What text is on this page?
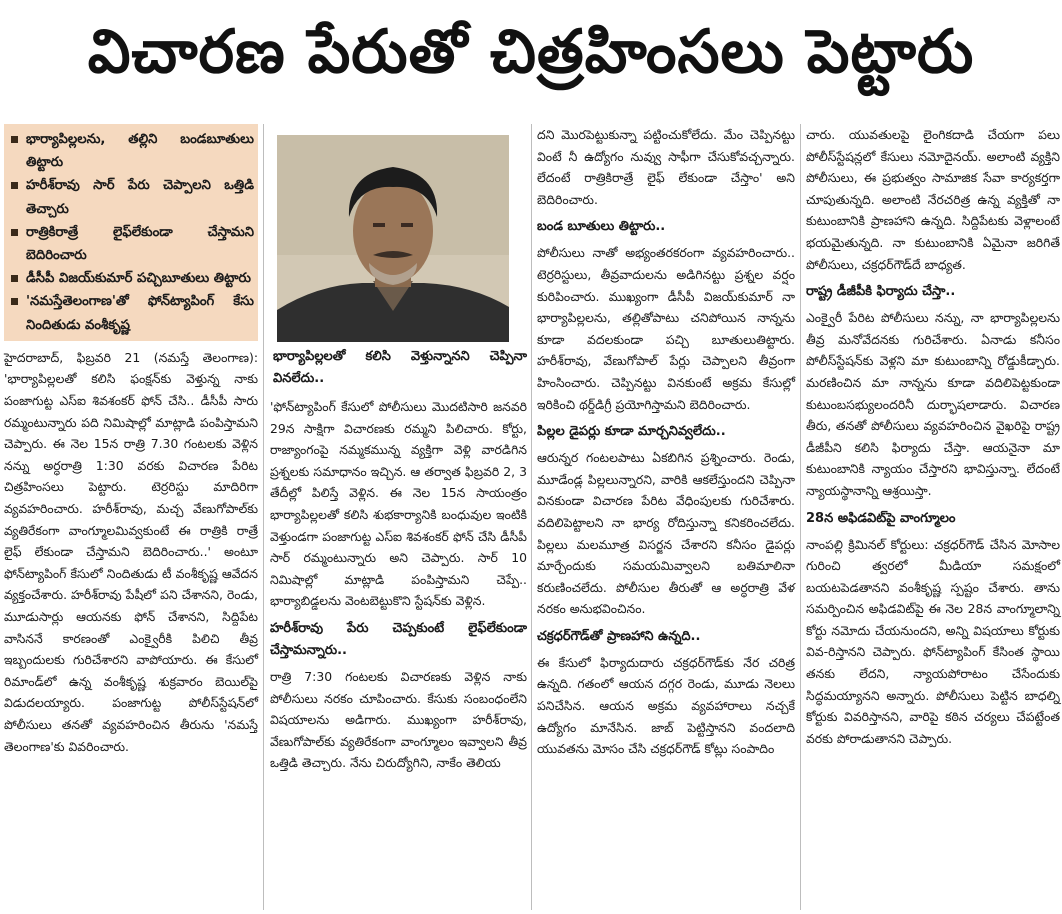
విచారణ పేరుతో చిత్రహింసలు పెట్టారు
భార్యాపిల్లలను, తల్లిని బండబూతులు తిట్టారు
హరీశ్‌రావు సార్ పేరు చెప్పాలని ఒత్తిడి తెచ్చారు
రాత్రికిరాత్రే లైఫ్‌లేకుండా చేస్తామని బెదిరించారు
డీసీపీ విజయ్‌కుమార్ పచ్చిబూతులు తిట్టారు
'నమస్తేతెలంగాణ'తో ఫోన్‌ట్యాపింగ్ కేసు నిందితుడు వంశీకృష్ణ

హైదరాబాద్, ఫిబ్రవరి 21 (నమస్తే తెలంగాణ): 'భార్యాపిల్లలతో కలిసి ఫంక్షన్‌కు వెళ్తున్న నాకు పంజాగుట్ట ఎస్‌ఐ శివశంకర్ ఫోన్ చేసి.. డీసీపీ సారు రమ్మంటున్నారు పది నిమిషాల్లో మాట్లాడి పంపిస్తామని చెప్పారు. ఈ నెల 15న రాత్రి 7.30 గంటలకు వెళ్లిన నన్ను అర్ధరాత్రి 1:30 వరకు విచారణ పేరిట చిత్రహింసలు పెట్టారు. టెర్రరిస్టు మాదిరిగా వ్యవహరించారు. హరీశ్‌రావు, మచ్చ వేణుగోపాల్‌కు వ్యతిరేకంగా వాంగ్మూలమివ్వకుంటే ఈ రాత్రికి రాత్రే లైఫ్ లేకుండా చేస్తామని బెదిరించారు..' అంటూ ఫోన్‌ట్యాపింగ్ కేసులో నిందితుడు టీ వంశీకృష్ణ ఆవేదన వ్యక్తంచేశారు. హరీశ్‌రావు పేషీలో పని చేశానని, రెండు, మూడుసార్లు ఆయనకు ఫోన్ చేశానని, సిద్దిపేట వాసిననే కారణంతో ఎంక్వైరీకి పిలిచి తీవ్ర ఇబ్బందులకు గురిచేశారని వాపోయారు. ఈ కేసులో రిమాండ్‌లో ఉన్న వంశీకృష్ణ శుక్రవారం బెయిల్‌పై విడుదలయ్యారు. పంజాగుట్ట పోలీస్‌స్టేషన్‌లో పోలీసులు తనతో వ్యవహరించిన తీరును 'నమస్తే తెలంగాణ'కు వివరించారు.

భార్యాపిల్లలతో కలిసి వెళ్తున్నానని చెప్పినా వినలేదు..

'ఫోన్‌ట్యాపింగ్ కేసులో పోలీసులు మొదటిసారి జనవరి 29న సాక్షిగా విచారణకు రమ్మని పిలిచారు. కోర్టు, రాజ్యాంగంపై నమ్మకమున్న వ్యక్తిగా వెళ్లి వారడిగిన ప్రశ్నలకు సమాధానం ఇచ్చిన. ఆ తర్వాత ఫిబ్రవరి 2, 3 తేదీల్లో పిలిస్తే వెళ్లిన. ఈ నెల 15న సాయంత్రం భార్యాపిల్లలతో కలిసి శుభకార్యానికి బంధువుల ఇంటికి వెళ్తుండగా పంజాగుట్ట ఎస్‌ఐ శివశంకర్ ఫోన్ చేసి డీసీపీ సార్ రమ్మంటున్నారు అని చెప్పారు. సార్ 10 నిమిషాల్లో మాట్లాడి పంపిస్తామని చెప్పే.. భార్యాబిడ్డలను వెంటబెట్టుకొని స్టేషన్‌కు వెళ్లిన.

హరీశ్‌రావు పేరు చెప్పకుంటే లైఫ్‌లేకుండా చేస్తామన్నారు..

రాత్రి 7:30 గంటలకు విచారణకు వెళ్లిన నాకు పోలీసులు నరకం చూపించారు. కేసుకు సంబంధంలేని విషయాలను అడిగారు. ముఖ్యంగా హరీశ్‌రావు, వేణుగోపాల్‌కు వ్యతిరేకంగా వాంగ్మూలం ఇవ్వాలని తీవ్ర ఒత్తిడి తెచ్చారు. నేను చిరుద్యోగిని, నాకేం తెలియ

దని మొరపెట్టుకున్నా పట్టించుకోలేదు. మేం చెప్పినట్టు వింటే నీ ఉద్యోగం నువ్వు సాఫీగా చేసుకోవచ్చన్నారు. లేదంటే రాత్రికిరాత్రే లైఫ్ లేకుండా చేస్తాం' అని బెదిరించారు.

బండ బూతులు తిట్టారు..

పోలీసులు నాతో అభ్యంతరకరంగా వ్యవహరించారు.. టెర్రరిస్టులు, తీవ్రవాదులను అడిగినట్టు ప్రశ్నల వర్షం కురిపించారు. ముఖ్యంగా డీసీపీ విజయ్‌కుమార్ నా భార్యాపిల్లలను, తల్లితోపాటు చనిపోయిన నాన్నను కూడా వదలకుండా పచ్చి బూతులుతిట్టారు. హరీశ్‌రావు, వేణుగోపాల్ పేర్లు చెప్పాలని తీవ్రంగా హింసించారు. చెప్పినట్టు వినకుంటే అక్రమ కేసుల్లో ఇరికించి థర్డ్‌డిగ్రీ ప్రయోగిస్తామని బెదిరించారు.

పిల్లల డైపర్లు కూడా మార్చనివ్వలేదు..

ఆరున్నర గంటలపాటు ఏకబిగిన ప్రశ్నించారు. రెండు, మూడేండ్ల పిల్లలున్నారని, వారికి ఆకలేస్తుందని చెప్పినా వినకుండా విచారణ పేరిట వేధింపులకు గురిచేశారు. వదిలిపెట్టాలని నా భార్య రోదిస్తున్నా కనికరించలేదు. పిల్లలు మలమూత్ర విసర్జన చేశారని కనీసం డైపర్లు మార్చేందుకు సమయమివ్వాలని బతిమాలినా కరుణించలేదు. పోలీసుల తీరుతో ఆ అర్ధరాత్రి వేళ నరకం అనుభవించినం.

చక్రధర్‌గౌడ్‌తో ప్రాణహాని ఉన్నది..

ఈ కేసులో ఫిర్యాదుదారు చక్రధర్‌గౌడ్‌కు నేర చరిత్ర ఉన్నది. గతంలో ఆయన దగ్గర రెండు, మూడు నెలలు పనిచేసిన. ఆయన అక్రమ వ్యవహారాలు నచ్చకే ఉద్యోగం మానేసిన. జాబ్ పెట్టిస్తానని వందలాది యువతను మోసం చేసి చక్రధర్‌గౌడ్ కోట్లు సంపాదిం

చారు. యువతులపై లైంగికదాడి చేయగా పలు పోలీస్‌స్టేషన్లలో కేసులు నమోదైనయ్. అలాంటి వ్యక్తిని పోలీసులు, ఈ ప్రభుత్వం సామాజిక సేవా కార్యకర్తగా చూపుతున్నది. అలాంటి నేరచరిత్ర ఉన్న వ్యక్తితో నా కుటుంబానికి ప్రాణహాని ఉన్నది. సిద్దిపేటకు వెళ్లాలంటే భయమైతున్నది. నా కుటుంబానికి ఏమైనా జరిగితే పోలీసులు, చక్రధర్‌గౌడ్‌దే బాధ్యత.

రాష్ట్ర డీజీపీకి ఫిర్యాదు చేస్తా..

ఎంక్వైరీ పేరిట పోలీసులు నన్ను, నా భార్యాపిల్లలను తీవ్ర మనోవేదనకు గురిచేశారు. ఏనాడు కనీసం పోలీస్‌స్టేషన్‌కు వెళ్లని మా కుటుంబాన్ని రోడ్డుకీడ్చారు. మరణించిన మా నాన్నను కూడా వదిలిపెట్టకుండా కుటుంబసభ్యులందరినీ దుర్భాషలాడారు. విచారణ తీరు, తనతో పోలీసులు వ్యవహరించిన వైఖరిపై రాష్ట్ర డీజీపీని కలిసి ఫిర్యాదు చేస్తా. ఆయనైనా మా కుటుంబానికి న్యాయం చేస్తారని భావిస్తున్నా. లేదంటే న్యాయస్థానాన్ని ఆశ్రయిస్తా.

28న అఫిడవిట్‌పై వాంగ్మూలం

నాంపల్లి క్రిమినల్ కోర్టులు: చక్రధర్‌గౌడ్ చేసిన మోసాల గురించి త్వరలో మీడియా సమక్షంలో బయటపెడతానని వంశీకృష్ణ స్పష్టం చేశారు. తాను సమర్పించిన అఫిడవిట్‌పై ఈ నెల 28న వాంగ్మూలాన్ని కోర్టు నమోదు చేయనుందని, అన్ని విషయాలు కోర్టుకు వివ-రిస్తానని చెప్పారు. ఫోన్‌ట్యాపింగ్ కేసింత స్థాయి తనకు లేదని, న్యాయపోరాటం చేసేందుకు సిద్ధమయ్యానని అన్నారు. పోలీసులు పెట్టిన బాధల్ని కోర్టుకు వివరిస్తానని, వారిపై కఠిన చర్యలు చేపట్టేంత వరకు పోరాడుతానని చెప్పారు.
